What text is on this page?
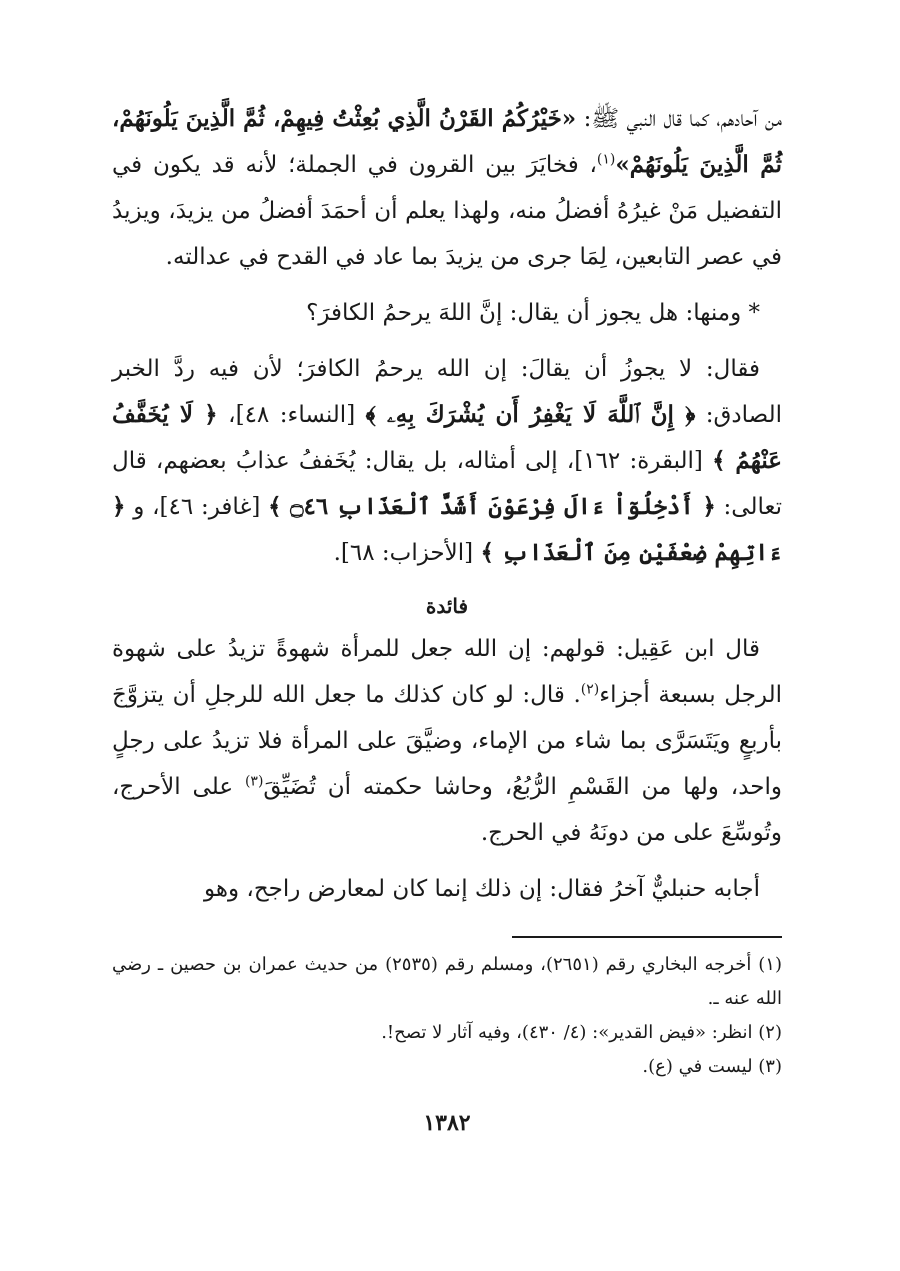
من آحادهم، كما قال النبي ﷺ: «خَيْرُكُمُ القَرْنُ الَّذِي بُعِثْتُ فِيهِمْ، ثُمَّ الَّذِينَ يَلُونَهُمْ، ثُمَّ الَّذِينَ يَلُونَهُمْ»$^{(١)}$، فخايَرَ بين القرون في الجملة؛ لأنه قد يكون في التفضيل مَنْ غيرُهُ أفضلُ منه، ولهذا يعلم أن أحمَدَ أفضلُ من يزيدَ، ويزيدُ في عصر التابعين، لِمَا جرى من يزيدَ بما عاد في القدح في عدالته.

* ومنها: هل يجوز أن يقال: إنَّ اللهَ يرحمُ الكافرَ؟

فقال: لا يجوزُ أن يقالَ: إن الله يرحمُ الكافرَ؛ لأن فيه ردَّ الخبر الصادق: ﴿ إِنَّ ٱللَّهَ لَا يَغْفِرُ أَن يُشْرَكَ بِهِۦ ﴾ [النساء: ٤٨]، ﴿ لَا يُخَفَّفُ عَنْهُمُ ﴾ [البقرة: ١٦٢]، إلى أمثاله، بل يقال: يُخَففُ عذابُ بعضهم، قال تعالى: ﴿ أَدْخِلُوٓاْ ءَالَ فِرْعَوْنَ أَشَدَّ ٱلْعَذَابِ ۝٤٦ ﴾ [غافر: ٤٦]، و ﴿ ءَاتِهِمْ ضِعْفَيْنِ مِنَ ٱلْعَذَابِ ﴾ [الأحزاب: ٦٨].

فائدة

قال ابن عَقِيل: قولهم: إن الله جعل للمرأة شهوةً تزيدُ على شهوة الرجل بسبعة أجزاء$^{(٢)}$. قال: لو كان كذلك ما جعل الله للرجلِ أن يتزوَّجَ بأربعٍ ويَتَسَرَّى بما شاء من الإماء، وضيَّقَ على المرأة فلا تزيدُ على رجلٍ واحد، ولها من القَسْمِ الرُّبُعُ، وحاشا حكمته أن تُضَيِّقَ$^{(٣)}$ على الأحرج، وتُوسِّعَ على من دونَهُ في الحرج.

أجابه حنبليٌّ آخرُ فقال: إن ذلك إنما كان لمعارض راجح، وهو

(١) أخرجه البخاري رقم (٢٦٥١)، ومسلم رقم (٢٥٣٥) من حديث عمران بن حصين ـ رضي الله عنه ـ.

(٢) انظر: «فيض القدير»: (٤/ ٤٣٠)، وفيه آثار لا تصح!.

(٣) ليست في (ع).

١٣٨٢
